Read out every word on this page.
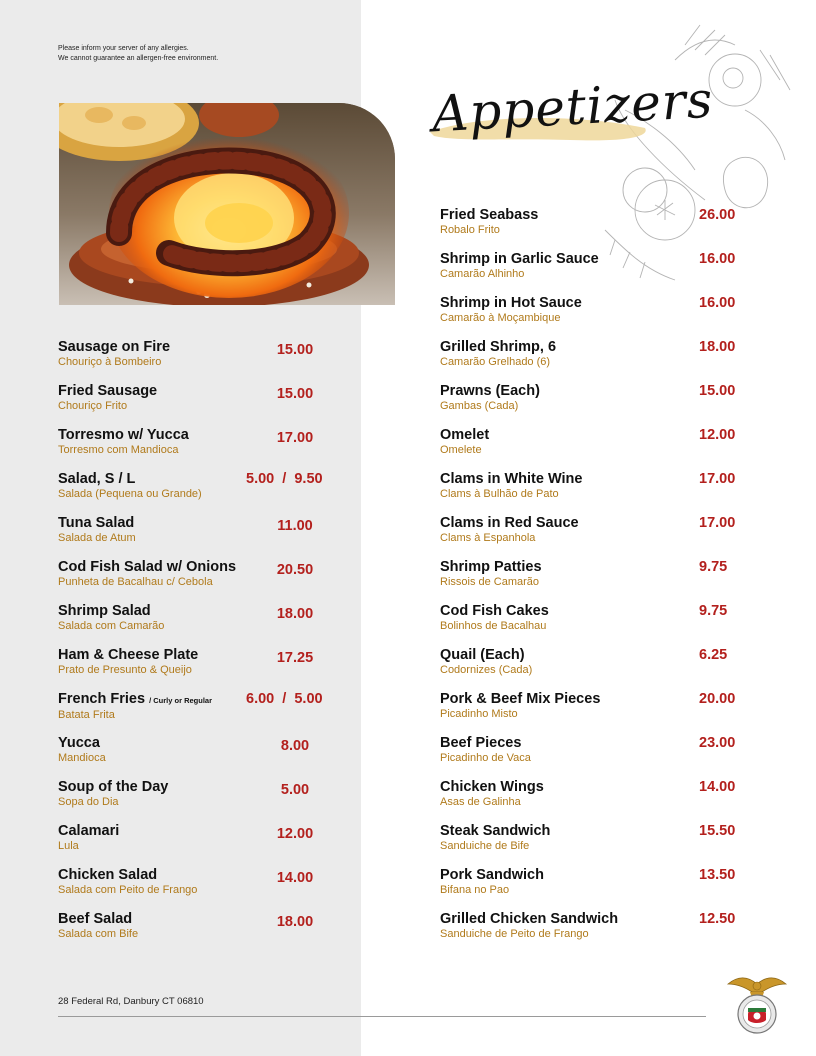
Please inform your server of any allergies.
We cannot guarantee an allergen-free environment.
Appetizers
Sausage on Fire
Chouriço à Bombeiro
15.00
Fried Sausage
Chouriço Frito
15.00
Torresmo w/ Yucca
Torresmo com Mandioca
17.00
Salad, S / L
Salada (Pequena ou Grande)
5.00  /  9.50
Tuna Salad
Salada de Atum
11.00
Cod Fish Salad w/ Onions
Punheta de Bacalhau c/ Cebola
20.50
Shrimp Salad
Salada com Camarão
18.00
Ham & Cheese Plate
Prato de Presunto & Queijo
17.25
French Fries / Curly or Regular
Batata Frita
6.00  /  5.00
Yucca
Mandioca
8.00
Soup of the Day
Sopa do Dia
5.00
Calamari
Lula
12.00
Chicken Salad
Salada com Peito de Frango
14.00
Beef Salad
Salada com Bife
18.00
Fried Seabass
Robalo Frito
26.00
Shrimp in Garlic Sauce
Camarão Alhinho
16.00
Shrimp in Hot Sauce
Camarão à Moçambique
16.00
Grilled Shrimp, 6
Camarão Grelhado (6)
18.00
Prawns (Each)
Gambas (Cada)
15.00
Omelet
Omelete
12.00
Clams in White Wine
Clams à Bulhão de Pato
17.00
Clams in Red Sauce
Clams à Espanhola
17.00
Shrimp Patties
Rissois de Camarão
9.75
Cod Fish Cakes
Bolinhos de Bacalhau
9.75
Quail (Each)
Codornizes (Cada)
6.25
Pork & Beef Mix Pieces
Picadinho Misto
20.00
Beef Pieces
Picadinho de Vaca
23.00
Chicken Wings
Asas de Galinha
14.00
Steak Sandwich
Sanduiche de Bife
15.50
Pork Sandwich
Bifana no Pao
13.50
Grilled Chicken Sandwich
Sanduiche de Peito de Frango
12.50
28 Federal Rd, Danbury CT 06810
